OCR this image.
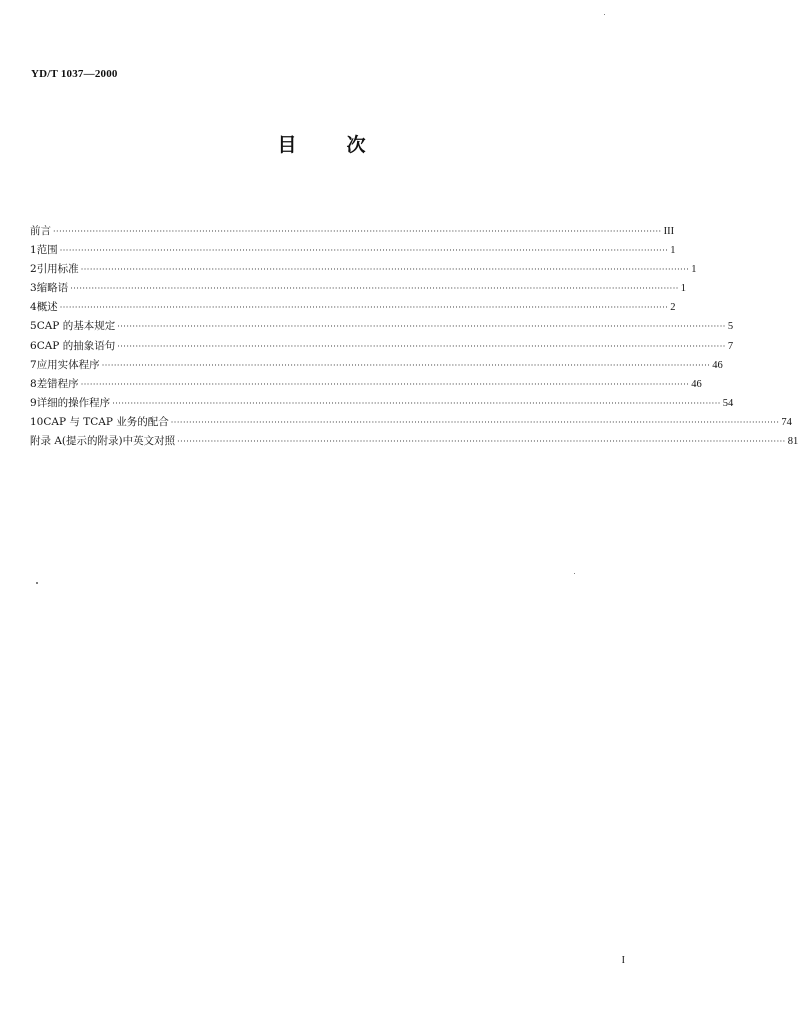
YD/T 1037—2000
目	次
前言 ········································································································································································································ III
1 范围 ········································································································································································································ 1
2 引用标准 ········································································································································································································ 1
3 缩略语 ········································································································································································································ 1
4 概述 ········································································································································································································ 2
5 CAP 的基本规定 ········································································································································································································ 5
6 CAP 的抽象语句 ········································································································································································································ 7
7 应用实体程序 ········································································································································································································ 46
8 差错程序 ········································································································································································································ 46
9 详细的操作程序 ········································································································································································································ 54
10 CAP 与 TCAP 业务的配合 ········································································································································································································ 74
附录 A(提示的附录)中英文对照 ········································································································································································································ 81
I
